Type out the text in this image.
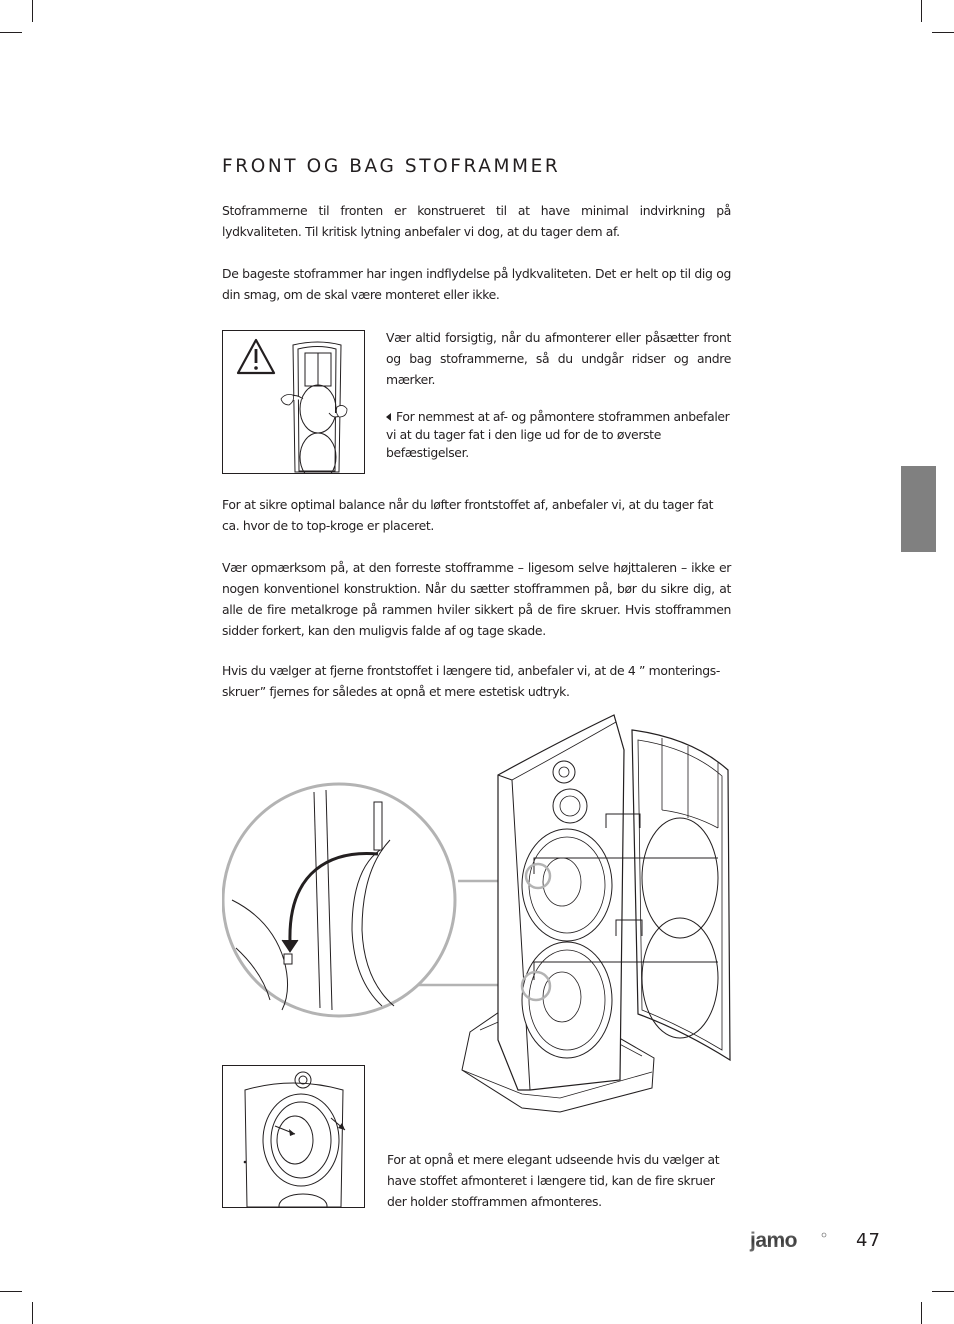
FRONT OG BAG STOFRAMMER

Stoframmerne til fronten er konstrueret til at have minimal indvirkning på lydkvaliteten. Til kritisk lytning anbefaler vi dog, at du tager dem af.

De bageste stoframmer har ingen indflydelse på lydkvaliteten. Det er helt op til dig og din smag, om de skal være monteret eller ikke.

Vær altid forsigtig, når du afmonterer eller påsætter front og bag stoframmerne, så du undgår ridser og andre mærker.

For nemmest at af- og påmontere stoframmen anbefaler vi at du tager fat i den lige ud for de to øverste befæstigelser.

For at sikre optimal balance når du løfter frontstoffet af, anbefaler vi, at du tager fat ca. hvor de to top-kroge er placeret.

Vær opmærksom på, at den forreste stofframme – ligesom selve højttaleren – ikke er nogen konventionel konstruktion. Når du sætter stofframmen på, bør du sikre dig, at alle de fire metalkroge på rammen hviler sikkert på de fire skruer. Hvis stofframmen sidder forkert, kan den muligvis falde af og tage skade.

Hvis du vælger at fjerne frontstoffet i længere tid, anbefaler vi, at de 4 ” monterings-skruer” fjernes for således at opnå et mere estetisk udtryk.

For at opnå et mere elegant udseende hvis du vælger at have stoffet afmonteret i længere tid, kan de fire skruer der holder stofframmen afmonteres.

jamo	47
